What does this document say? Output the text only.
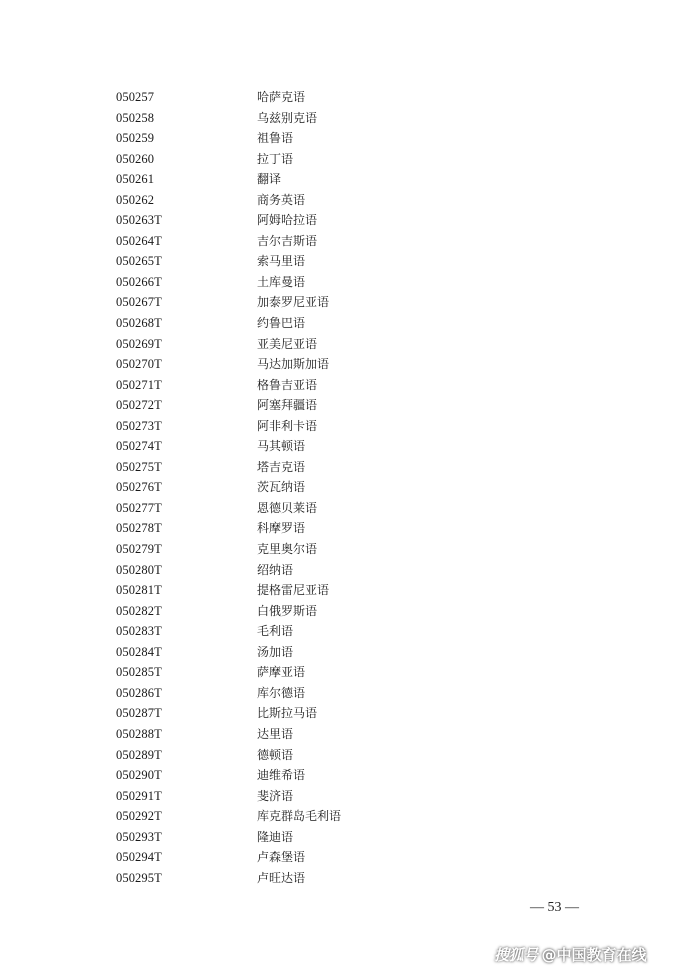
050257	哈萨克语
050258	乌兹别克语
050259	祖鲁语
050260	拉丁语
050261	翻译
050262	商务英语
050263T	阿姆哈拉语
050264T	吉尔吉斯语
050265T	索马里语
050266T	土库曼语
050267T	加泰罗尼亚语
050268T	约鲁巴语
050269T	亚美尼亚语
050270T	马达加斯加语
050271T	格鲁吉亚语
050272T	阿塞拜疆语
050273T	阿非利卡语
050274T	马其顿语
050275T	塔吉克语
050276T	茨瓦纳语
050277T	恩德贝莱语
050278T	科摩罗语
050279T	克里奥尔语
050280T	绍纳语
050281T	提格雷尼亚语
050282T	白俄罗斯语
050283T	毛利语
050284T	汤加语
050285T	萨摩亚语
050286T	库尔德语
050287T	比斯拉马语
050288T	达里语
050289T	德顿语
050290T	迪维希语
050291T	斐济语
050292T	库克群岛毛利语
050293T	隆迪语
050294T	卢森堡语
050295T	卢旺达语
— 53 —
搜狐号 @中国教育在线
